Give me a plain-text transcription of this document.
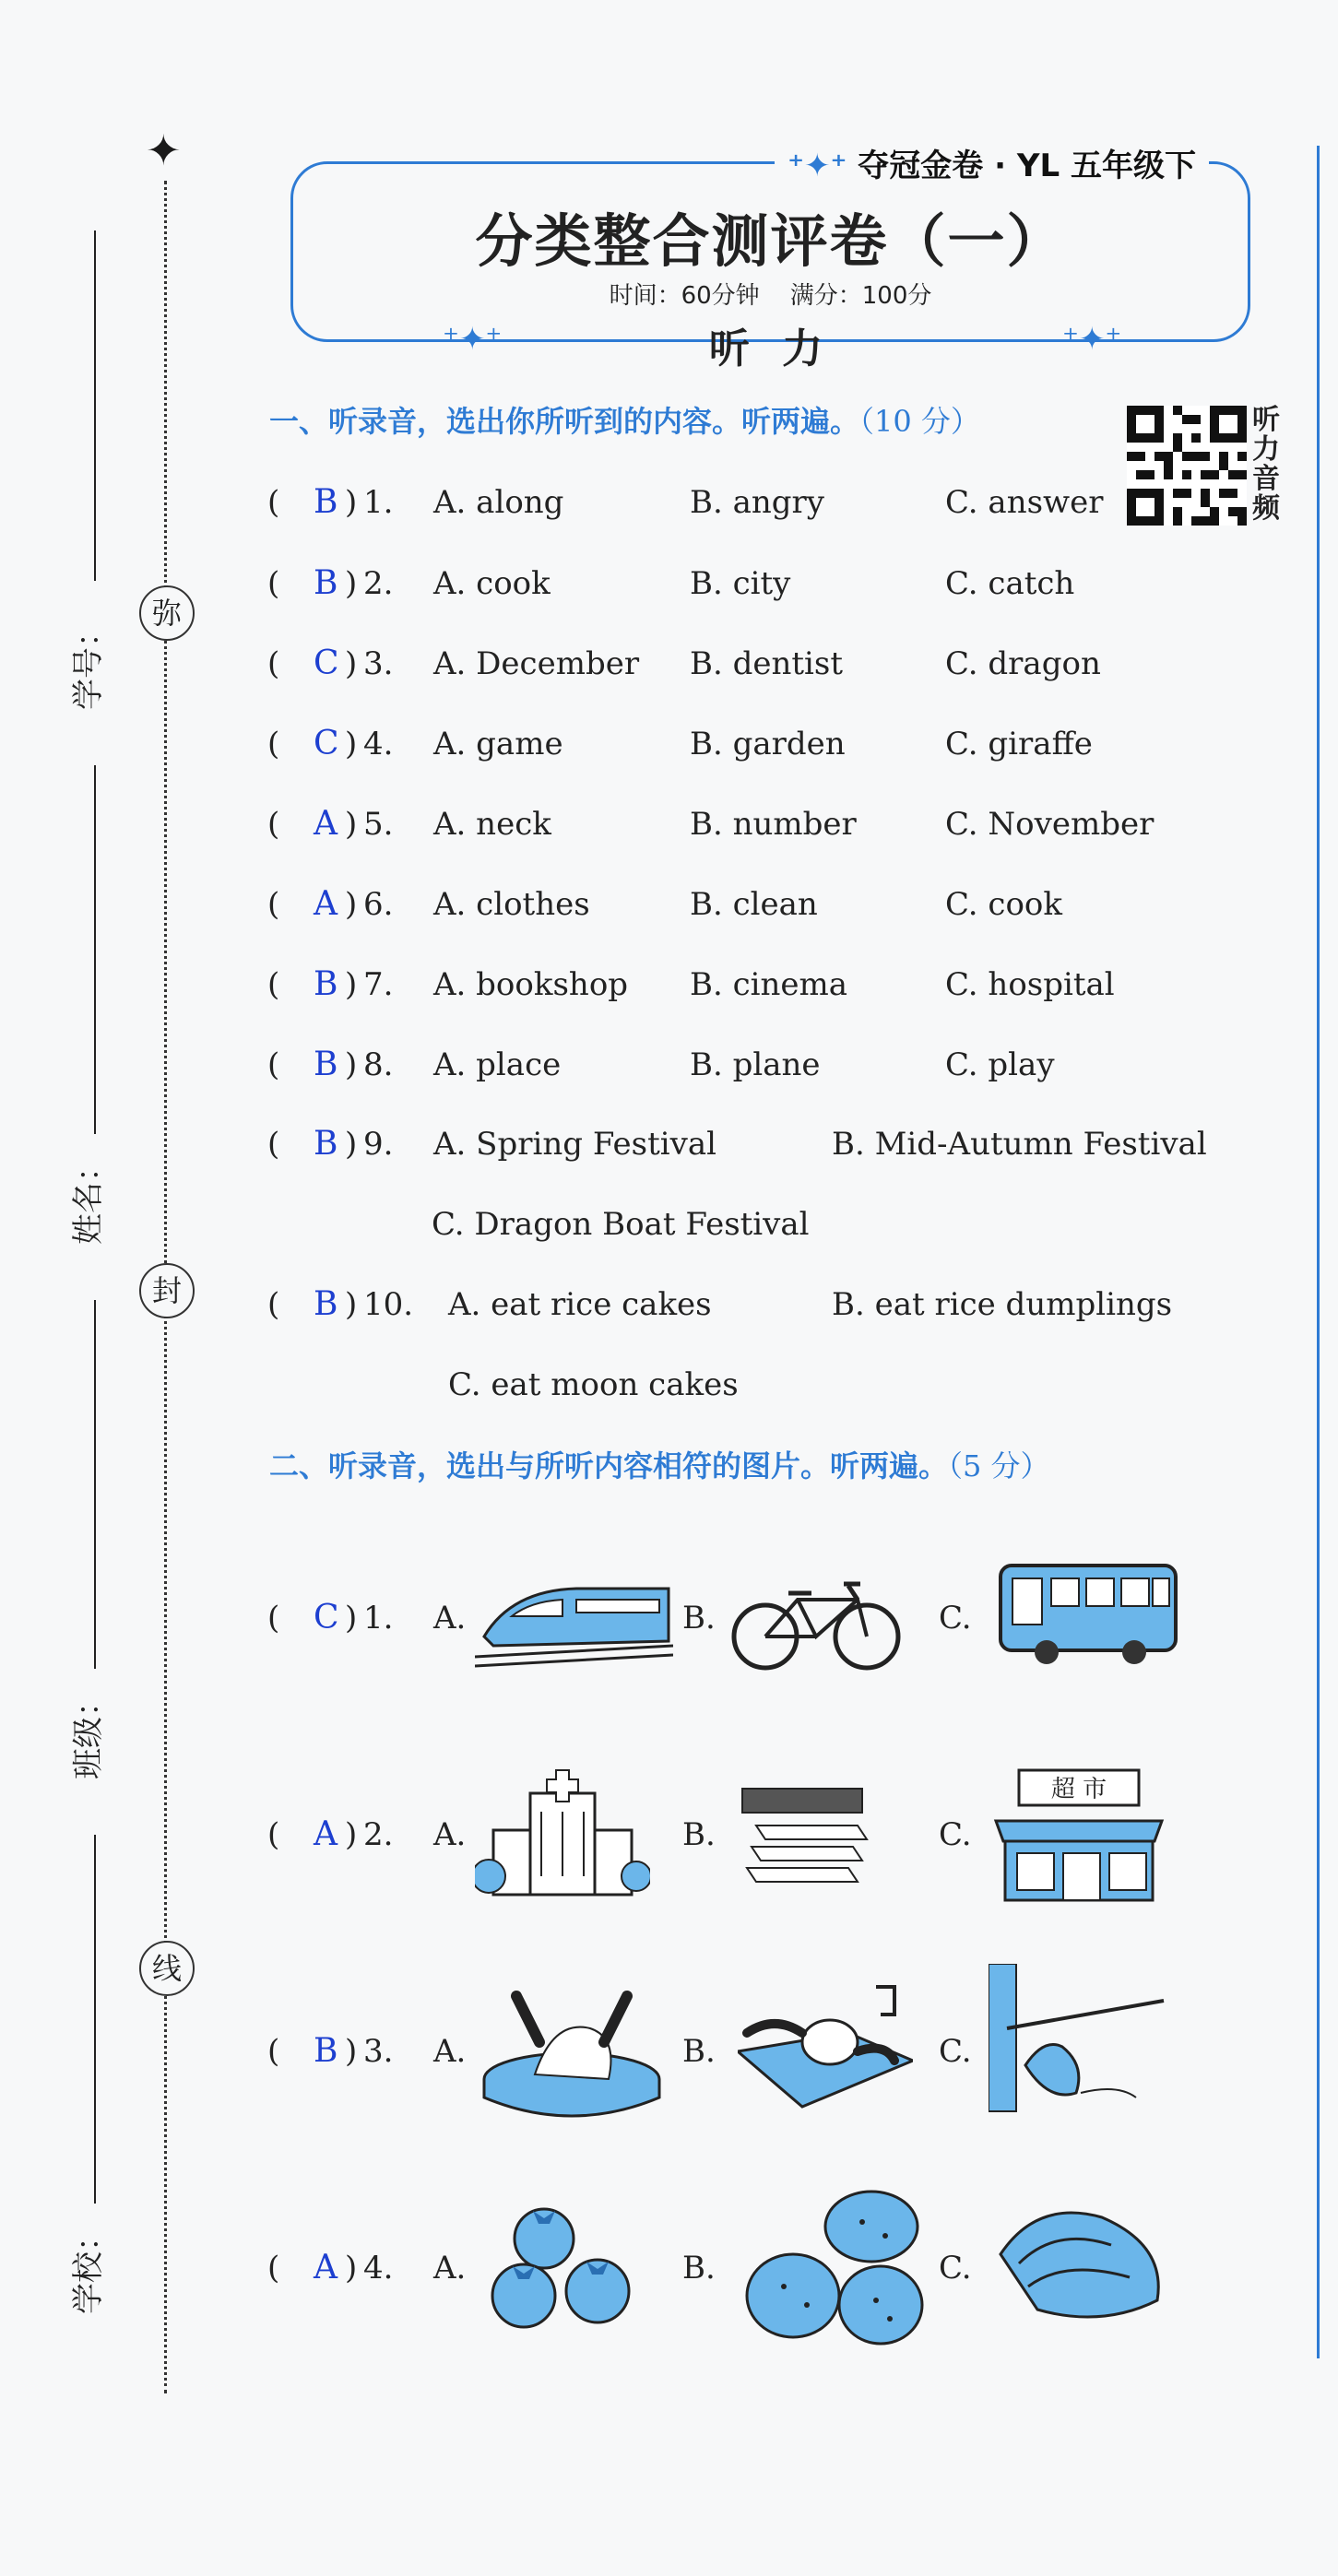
✦
弥
封
线
学号：
姓名：
班级：
学校：
⁺✦⁺ 夺冠金卷 · YL 五年级下
⁺✦⁺	⁺✦⁺
分类整合测评卷（一）
时间：60分钟 满分：100分
听 力
一、听录音，选出你所听到的内容。听两遍。（10 分）	听力音频
( B ) 1. A. along	B. angry	C. answer
( B ) 2. A. cook	B. city	C. catch
( C ) 3. A. December B. dentist	C. dragon
( C ) 4. A. game	B. garden	C. giraffe
( A ) 5. A. neck	B. number	C. November
( A ) 6. A. clothes	B. clean	C. cook
( B ) 7. A. bookshop B. cinema	C. hospital
( B ) 8. A. place	B. plane	C. play
( B ) 9. A. Spring Festival	B. Mid-Autumn Festival
C. Dragon Boat Festival
( B ) 10. A. eat rice cakes	B. eat rice dumplings
C. eat moon cakes
二、听录音，选出与所听内容相符的图片。听两遍。（5 分）
( C ) 1. A.	B.	C.
( A ) 2. A.	B.	C.
超 市
( B ) 3. A.	B.	C.
( A ) 4. A.	B.	C.
